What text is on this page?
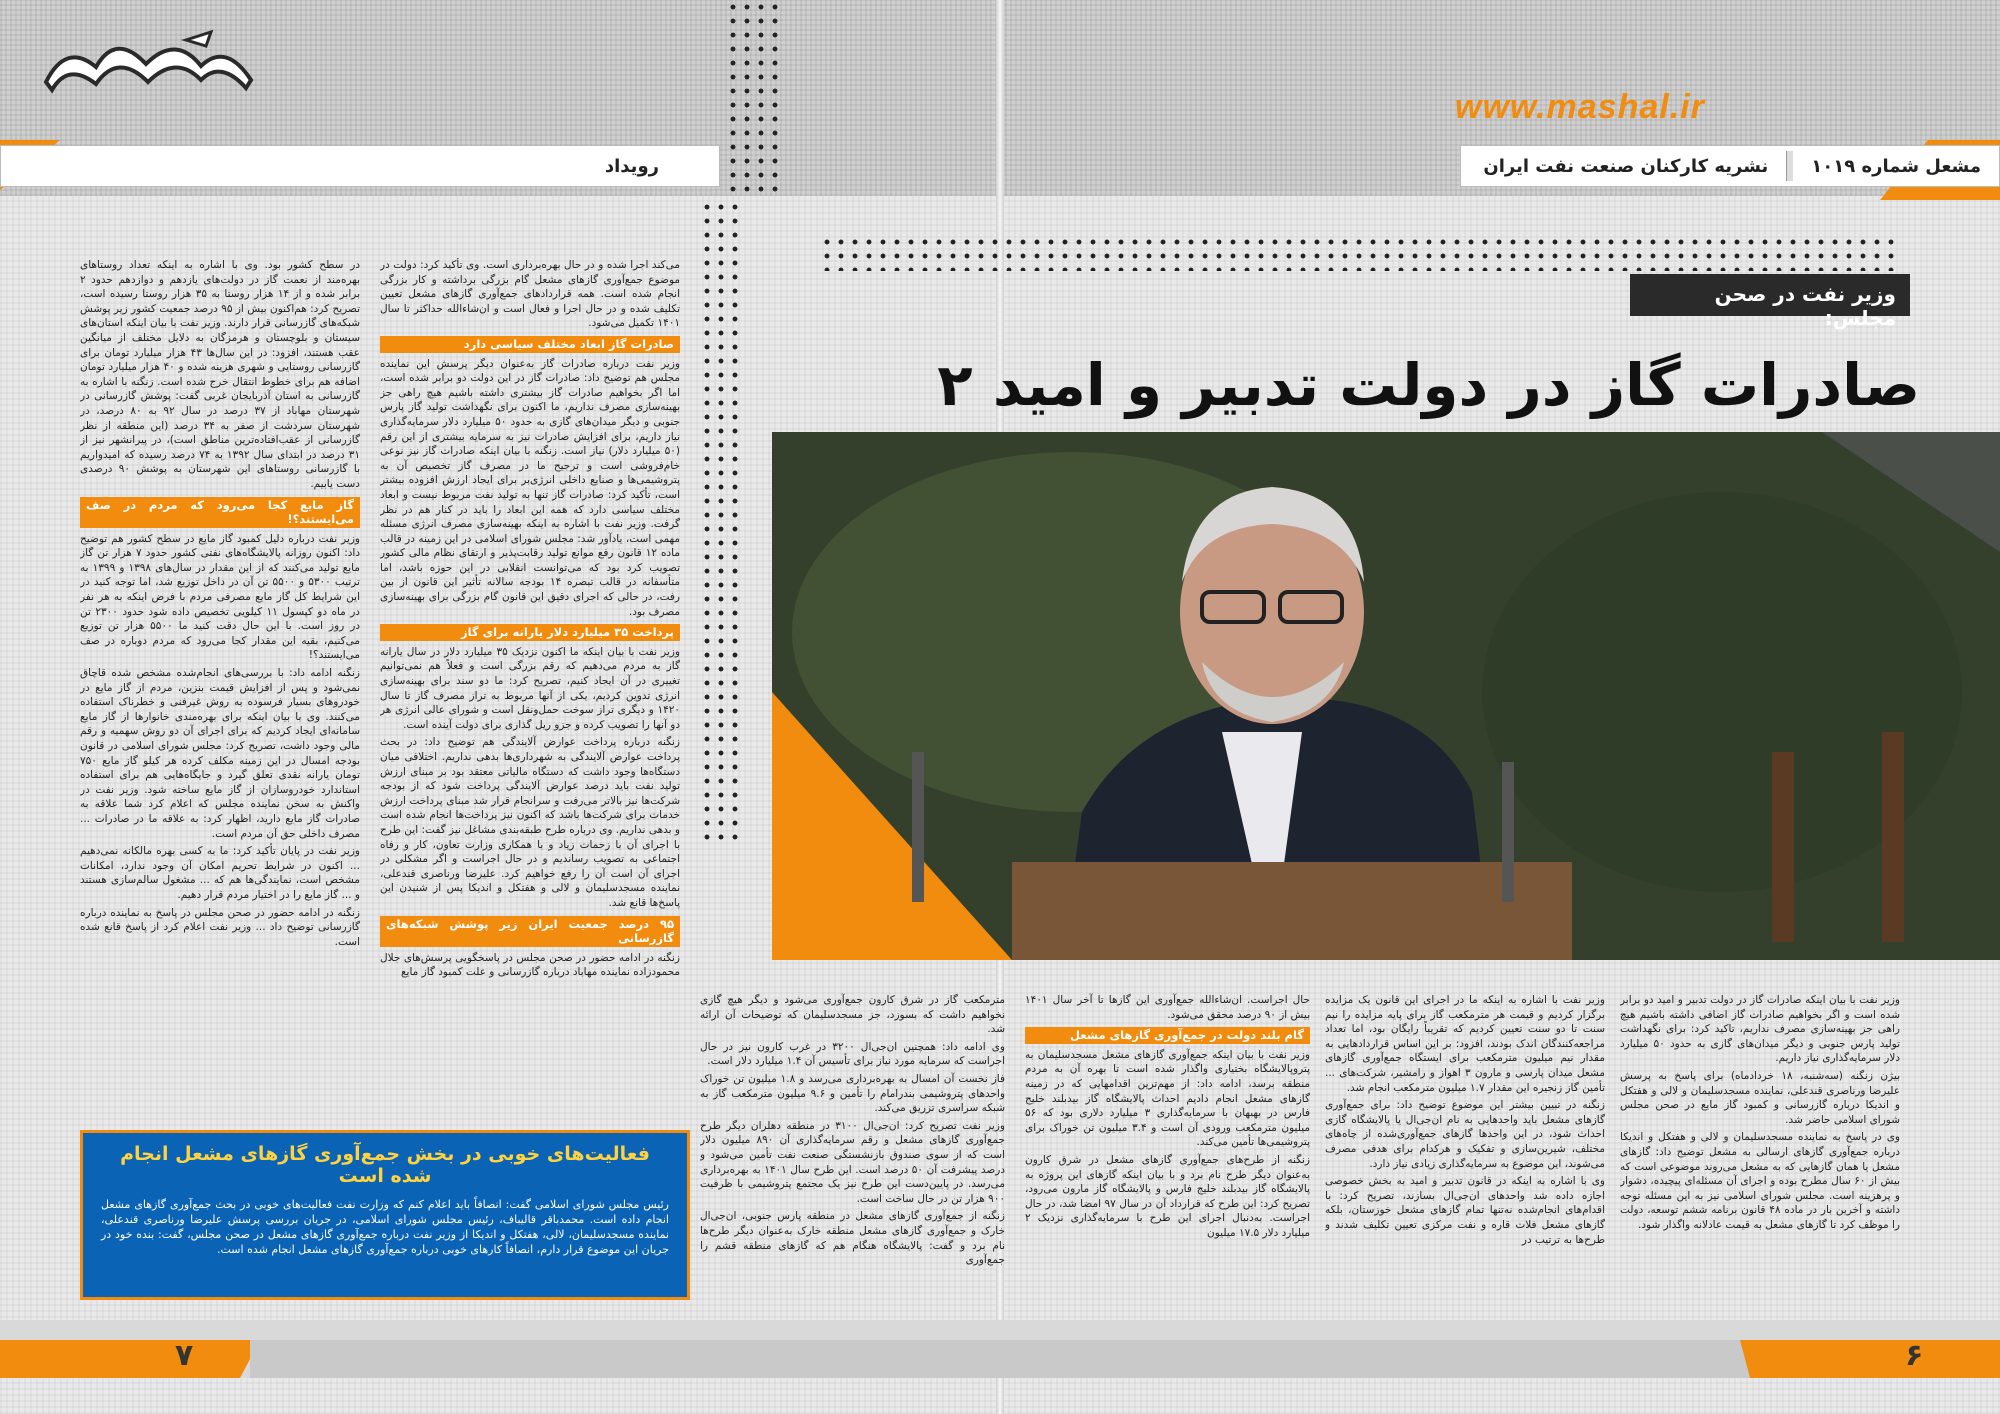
www.mashal.ir
رویداد	مشعل شماره ۱۰۱۹
نشریه کارکنان صنعت نفت ایران
وزیر نفت در صحن مجلس:
صادرات گاز در دولت تدبیر و امید ۲

وزیر نفت با بیان اینکه صادرات گاز در دولت تدبیر و امید دو برابر شده است و اگر بخواهیم صادرات گاز اضافی داشته باشیم هیچ راهی جز بهینه‌سازی مصرف نداریم، تاکید کرد: برای نگهداشت تولید پارس جنوبی و دیگر میدان‌های گازی به حدود ۵۰ میلیارد دلار سرمایه‌گذاری نیاز داریم.

بیژن زنگنه (سه‌شنبه، ۱۸ خردادماه) برای پاسخ به پرسش علیرضا ورناصری قندعلی، نماینده مسجدسلیمان و لالی و هفتکل و اندیکا درباره گازرسانی و کمبود گاز مایع در صحن مجلس شورای اسلامی حاضر شد.

وی در پاسخ به نماینده مسجدسلیمان و لالی و هفتکل و اندیکا درباره جمع‌آوری گازهای ارسالی به مشعل توضیح داد: گازهای مشعل یا همان گازهایی که به مشعل می‌روند موضوعی است که بیش از ۶۰ سال مطرح بوده و اجرای آن مسئله‌ای پیچیده، دشوار و پرهزینه است. مجلس شورای اسلامی نیز به این مسئله توجه داشته و آخرین بار در ماده ۴۸ قانون برنامه ششم توسعه، دولت را موظف کرد تا گازهای مشعل به قیمت عادلانه واگذار شود.

وزیر نفت با اشاره به اینکه ما در اجرای این قانون یک مزایده برگزار کردیم و قیمت هر مترمکعب گاز برای پایه مزایده را نیم سنت تا دو سنت تعیین کردیم که تقریباً رایگان بود، اما تعداد مراجعه‌کنندگان اندک بودند، افزود: بر این اساس قراردادهایی به مقدار نیم میلیون مترمکعب برای ایستگاه جمع‌آوری گازهای مشعل میدان پارسی و مارون ۳ اهواز و رامشیر، شرکت‌های ... تأمین گاز زنجیره این مقدار ۱.۷ میلیون مترمکعب انجام شد.

زنگنه در تبیین بیشتر این موضوع توضیح داد: برای جمع‌آوری گازهای مشعل باید واحدهایی به نام ان‌جی‌ال یا پالایشگاه گازی احداث شود، در این واحدها گازهای جمع‌آوری‌شده از چاه‌های مختلف، شیرین‌سازی و تفکیک و هرکدام برای هدفی مصرف می‌شوند، این موضوع به سرمایه‌گذاری زیادی نیاز دارد.

وی با اشاره به اینکه در قانون تدبیر و امید به بخش خصوصی اجازه داده شد واحدهای ان‌جی‌ال بسازند، تصریح کرد: با اقدام‌های انجام‌شده نه‌تنها تمام گازهای مشعل خوزستان، بلکه گازهای مشعل فلات قاره و نفت مرکزی تعیین تکلیف شدند و طرح‌ها به ترتیب در

حال اجراست. ان‌شاءالله جمع‌آوری این گازها تا آخر سال ۱۴۰۱ بیش از ۹۰ درصد محقق می‌شود.

گام بلند دولت در جمع‌آوری گازهای مشعل

وزیر نفت با بیان اینکه جمع‌آوری گازهای مشعل مسجدسلیمان به پتروپالایشگاه بختیاری واگذار شده است تا بهره آن به مردم منطقه برسد، ادامه داد: از مهم‌ترین اقدامهایی که در زمینه گازهای مشعل انجام دادیم احداث پالایشگاه گاز بیدبلند خلیج فارس در بهبهان با سرمایه‌گذاری ۳ میلیارد دلاری بود که ۵۶ میلیون مترمکعب ورودی آن است و ۳.۴ میلیون تن خوراک برای پتروشیمی‌ها تأمین می‌کند.

زنگنه از طرح‌های جمع‌آوری گازهای مشعل در شرق کارون به‌عنوان دیگر طرح نام برد و با بیان اینکه گازهای این پروژه به پالایشگاه گاز بیدبلند خلیج فارس و پالایشگاه گاز مارون می‌رود، تصریح کرد: این طرح که قرارداد آن در سال ۹۷ امضا شد، در حال اجراست. به‌دنبال اجرای این طرح با سرمایه‌گذاری نزدیک ۲ میلیارد دلار ۱۷.۵ میلیون

مترمکعب گاز در شرق کارون جمع‌آوری می‌شود و دیگر هیچ گازی نخواهیم داشت که بسوزد، جز مسجدسلیمان که توضیحات آن ارائه شد.

وی ادامه داد: همچنین ان‌جی‌ال ۳۲۰۰ در غرب کارون نیز در حال اجراست که سرمایه مورد نیاز برای تأسیس آن ۱.۴ میلیارد دلار است.

فاز نخست آن امسال به بهره‌برداری می‌رسد و ۱.۸ میلیون تن خوراک واحدهای پتروشیمی بندرامام را تأمین و ۹.۶ میلیون مترمکعب گاز به شبکه سراسری تزریق می‌کند.

وزیر نفت تصریح کرد: ان‌جی‌ال ۳۱۰۰ در منطقه دهلران دیگر طرح جمع‌آوری گازهای مشعل و رقم سرمایه‌گذاری آن ۸۹۰ میلیون دلار است که از سوی صندوق بازنشستگی صنعت نفت تأمین می‌شود و درصد پیشرفت آن ۵۰ درصد است. این طرح سال ۱۴۰۱ به بهره‌برداری می‌رسد. در پایین‌دست این طرح نیز یک مجتمع پتروشیمی با ظرفیت ۹۰۰ هزار تن در حال ساخت است.

زنگنه از جمع‌آوری گازهای مشعل در منطقه پارس جنوبی، ان‌جی‌ال خارک و جمع‌آوری گازهای مشعل منطقه خارک به‌عنوان دیگر طرح‌ها نام برد و گفت: پالایشگاه هنگام هم که گازهای منطقه قشم را جمع‌آوری

در سطح کشور بود. وی با اشاره به اینکه تعداد روستاهای بهره‌مند از نعمت گاز در دولت‌های یازدهم و دوازدهم حدود ۲ برابر شده و از ۱۴ هزار روستا به ۳۵ هزار روستا رسیده است، تصریح کرد: هم‌اکنون بیش از ۹۵ درصد جمعیت کشور زیر پوشش شبکه‌های گازرسانی قرار دارند. وزیر نفت با بیان اینکه استان‌های سیستان و بلوچستان و هرمزگان به دلایل مختلف از میانگین عقب هستند، افزود: در این سال‌ها ۴۳ هزار میلیارد تومان برای گازرسانی روستایی و شهری هزینه شده و ۴۰ هزار میلیارد تومان اضافه هم برای خطوط انتقال خرج شده است. زنگنه با اشاره به گازرسانی به استان آذربایجان غربی گفت: پوشش گازرسانی در شهرستان مهاباد از ۳۷ درصد در سال ۹۲ به ۸۰ درصد، در شهرستان سردشت از صفر به ۳۴ درصد (این منطقه از نظر گازرسانی از عقب‌افتاده‌ترین مناطق است)، در پیرانشهر نیز از ۳۱ درصد در ابتدای سال ۱۳۹۲ به ۷۴ درصد رسیده که امیدواریم با گازرسانی روستاهای این شهرستان به پوشش ۹۰ درصدی دست یابیم.

گاز مایع کجا می‌رود که مردم در صف می‌ایستند؟!

وزیر نفت درباره دلیل کمبود گاز مایع در سطح کشور هم توضیح داد: اکنون روزانه پالایشگاه‌های نفتی کشور حدود ۷ هزار تن گاز مایع تولید می‌کنند که از این مقدار در سال‌های ۱۳۹۸ و ۱۳۹۹ به ترتیب ۵۳۰۰ و ۵۵۰۰ تن آن در داخل توزیع شد، اما توجه کنید در این شرایط کل گاز مایع مصرفی مردم با فرض اینکه به هر نفر در ماه دو کپسول ۱۱ کیلویی تخصیص داده شود حدود ۲۳۰۰ تن در روز است. با این حال دقت کنید ما ۵۵۰۰ هزار تن توزیع می‌کنیم، بقیه این مقدار کجا می‌رود که مردم دوباره در صف می‌ایستند؟!

زنگنه ادامه داد: با بررسی‌های انجام‌شده مشخص شده قاچاق نمی‌شود و پس از افزایش قیمت بنزین، مردم از گاز مایع در خودروهای بسیار فرسوده به روش غیرفنی و خطرناک استفاده می‌کنند. وی با بیان اینکه برای بهره‌مندی خانوارها از گاز مایع سامانه‌ای ایجاد کردیم که برای اجرای آن دو روش سهمیه و رقم مالی وجود داشت، تصریح کرد: مجلس شورای اسلامی در قانون بودجه امسال در این زمینه مکلف کرده هر کیلو گاز مایع ۷۵۰ تومان یارانه نقدی تعلق گیرد و جایگاه‌هایی هم برای استفاده استاندارد خودروسازان از گاز مایع ساخته شود. وزیر نفت در واکنش به سخن نماینده مجلس که اعلام کرد شما علاقه به صادرات گاز مایع دارید، اظهار کرد: به علاقه ما در صادرات ... مصرف داخلی حق آن مردم است.

وزیر نفت در پایان تأکید کرد: ما به کسی بهره مالکانه نمی‌دهیم ... اکنون در شرایط تحریم امکان آن وجود ندارد، امکانات مشخص است، نمایندگی‌ها هم که ... مشغول سالم‌سازی هستند و ... گاز مایع را در اختیار مردم قرار دهیم.

زنگنه در ادامه حضور در صحن مجلس در پاسخ به نماینده درباره گازرسانی توضیح داد ... وزیر نفت اعلام کرد از پاسخ قانع شده است.

می‌کند اجرا شده و در حال بهره‌برداری است. وی تأکید کرد: دولت در موضوع جمع‌آوری گازهای مشعل گام بزرگی برداشته و کار بزرگی انجام شده است. همه قراردادهای جمع‌آوری گازهای مشعل تعیین تکلیف شده و در حال اجرا و فعال است و ان‌شاءالله حداکثر تا سال ۱۴۰۱ تکمیل می‌شود.

صادرات گاز ابعاد مختلف سیاسی دارد

وزیر نفت درباره صادرات گاز به‌عنوان دیگر پرسش این نماینده مجلس هم توضیح داد: صادرات گاز در این دولت دو برابر شده است، اما اگر بخواهیم صادرات گاز بیشتری داشته باشیم هیچ راهی جز بهینه‌سازی مصرف نداریم، ما اکنون برای نگهداشت تولید گاز پارس جنوبی و دیگر میدان‌های گازی به حدود ۵۰ میلیارد دلار سرمایه‌گذاری نیاز داریم، برای افزایش صادرات نیز به سرمایه بیشتری از این رقم (۵۰ میلیارد دلار) نیاز است. زنگنه با بیان اینکه صادرات گاز نیز نوعی خام‌فروشی است و ترجیح ما در مصرف گاز تخصیص آن به پتروشیمی‌ها و صنایع داخلی انرژی‌بر برای ایجاد ارزش افزوده بیشتر است، تأکید کرد: صادرات گاز تنها به تولید نفت مربوط نیست و ابعاد مختلف سیاسی دارد که همه این ابعاد را باید در کنار هم در نظر گرفت. وزیر نفت با اشاره به اینکه بهینه‌سازی مصرف انرژی مسئله مهمی است، یادآور شد: مجلس شورای اسلامی در این زمینه در قالب ماده ۱۲ قانون رفع موانع تولید رقابت‌پذیر و ارتقای نظام مالی کشور تصویب کرد بود که می‌توانست انقلابی در این حوزه باشد، اما متأسفانه در قالب تبصره ۱۴ بودجه سالانه تأثیر این قانون از بین رفت، در حالی که اجرای دقیق این قانون گام بزرگی برای بهینه‌سازی مصرف بود.

پرداخت ۳۵ میلیارد دلار یارانه برای گاز

وزیر نفت با بیان اینکه ما اکنون نزدیک ۳۵ میلیارد دلار در سال یارانه گاز به مردم می‌دهیم که رقم بزرگی است و فعلاً هم نمی‌توانیم تغییری در آن ایجاد کنیم، تصریح کرد: ما دو سند برای بهینه‌سازی انرژی تدوین کردیم، یکی از آنها مربوط به تراز مصرف گاز تا سال ۱۴۲۰ و دیگری تراز سوخت حمل‌ونقل است و شورای عالی انرژی هر دو آنها را تصویب کرده و جزو ریل گذاری برای دولت آینده است.

زنگنه درباره پرداخت عوارض آلایندگی هم توضیح داد: در بحث پرداخت عوارض آلایندگی به شهرداری‌ها بدهی نداریم. اختلافی میان دستگاه‌ها وجود داشت که دستگاه مالیاتی معتقد بود بر مبنای ارزش تولید نفت باید درصد عوارض آلایندگی پرداخت شود که از بودجه شرکت‌ها نیز بالاتر می‌رفت و سرانجام قرار شد مبنای پرداخت ارزش خدمات برای شرکت‌ها باشد که اکنون نیز پرداخت‌ها انجام شده است و بدهی نداریم. وی درباره طرح طبقه‌بندی مشاغل نیز گفت: این طرح با اجرای آن با زحمات زیاد و با همکاری وزارت تعاون، کار و رفاه اجتماعی به تصویب رساندیم و در حال اجراست و اگر مشکلی در اجرای آن است آن را رفع خواهیم کرد. علیرضا ورناصری قندعلی، نماینده مسجدسلیمان و لالی و هفتکل و اندیکا پس از شنیدن این پاسخ‌ها قانع شد.

۹۵ درصد جمعیت ایران زیر پوشش شبکه‌های گازرسانی

زنگنه در ادامه حضور در صحن مجلس در پاسخگویی پرسش‌های جلال محمودزاده نماینده مهاباد درباره گازرسانی و علت کمبود گاز مایع

فعالیت‌های خوبی در بخش جمع‌آوری گازهای مشعل انجام شده است
رئیس مجلس شورای اسلامی گفت: انصافاً باید اعلام کنم که وزارت نفت فعالیت‌های خوبی در بحث جمع‌آوری گازهای مشعل انجام داده است. محمدباقر قالیباف، رئیس مجلس شورای اسلامی، در جریان بررسی پرسش علیرضا ورناصری قندعلی، نماینده مسجدسلیمان، لالی، هفتکل و اندیکا از وزیر نفت درباره جمع‌آوری گازهای مشعل در صحن مجلس، گفت: بنده خود در جریان این موضوع قرار دارم، انصافاً کارهای خوبی درباره جمع‌آوری گازهای مشعل انجام شده است.
۷	۶
